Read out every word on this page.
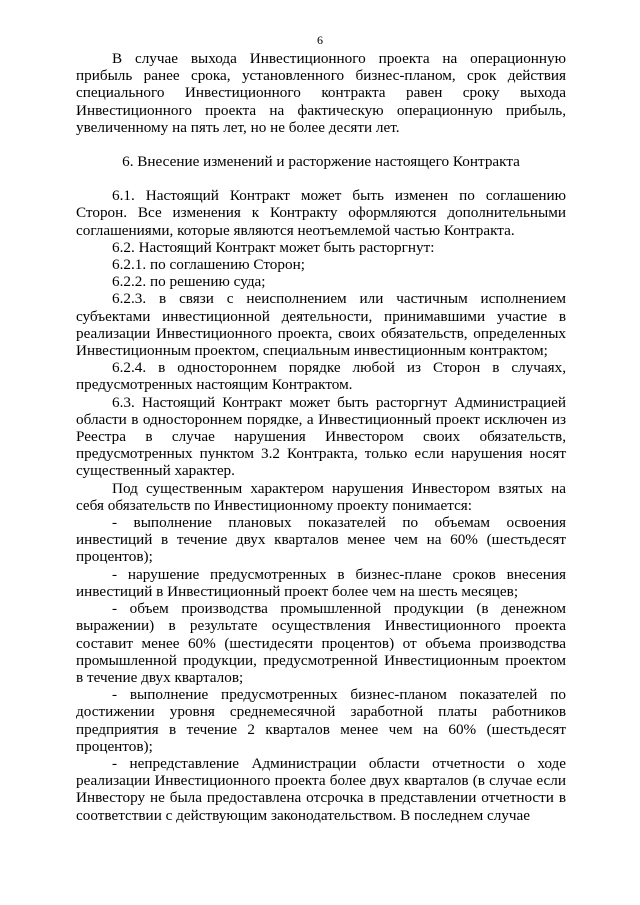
6

В случае выхода Инвестиционного проекта на операционную прибыль ранее срока, установленного бизнес-планом, срок действия специального Инвестиционного контракта равен сроку выхода Инвестиционного проекта на фактическую операционную прибыль, увеличенному на пять лет, но не более десяти лет.

6. Внесение изменений и расторжение настоящего Контракта

6.1. Настоящий Контракт может быть изменен по соглашению Сторон. Все изменения к Контракту оформляются дополнительными соглашениями, которые являются неотъемлемой частью Контракта.

6.2. Настоящий Контракт может быть расторгнут:

6.2.1. по соглашению Сторон;

6.2.2. по решению суда;

6.2.3. в связи с неисполнением или частичным исполнением субъектами инвестиционной деятельности, принимавшими участие в реализации Инвестиционного проекта, своих обязательств, определенных Инвестиционным проектом, специальным инвестиционным контрактом;

6.2.4. в одностороннем порядке любой из Сторон в случаях, предусмотренных настоящим Контрактом.

6.3. Настоящий Контракт может быть расторгнут Администрацией области в одностороннем порядке, а Инвестиционный проект исключен из Реестра в случае нарушения Инвестором своих обязательств, предусмотренных пунктом 3.2 Контракта, только если нарушения носят существенный характер.

Под существенным характером нарушения Инвестором взятых на себя обязательств по Инвестиционному проекту понимается:

- выполнение плановых показателей по объемам освоения инвестиций в течение двух кварталов менее чем на 60% (шестьдесят процентов);

- нарушение предусмотренных в бизнес-плане сроков внесения инвестиций в Инвестиционный проект более чем на шесть месяцев;

- объем производства промышленной продукции (в денежном выражении) в результате осуществления Инвестиционного проекта составит менее 60% (шестидесяти процентов) от объема производства промышленной продукции, предусмотренной Инвестиционным проектом в течение двух кварталов;

- выполнение предусмотренных бизнес-планом показателей по достижении уровня среднемесячной заработной платы работников предприятия в течение 2 кварталов менее чем на 60% (шестьдесят процентов);

- непредставление Администрации области отчетности о ходе реализации Инвестиционного проекта более двух кварталов (в случае если Инвестору не была предоставлена отсрочка в представлении отчетности в соответствии с действующим законодательством. В последнем случае
